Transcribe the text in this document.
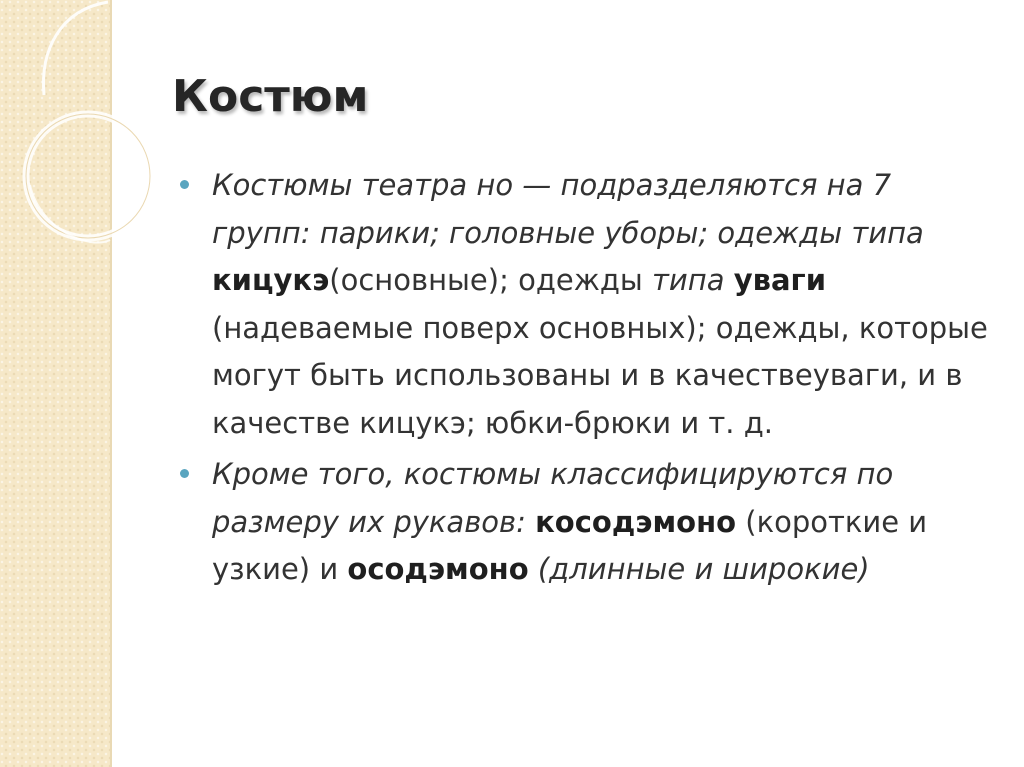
Костюм
Костюмы театра но — подразделяются на 7 групп: парики; головные уборы; одежды типа кицукэ(основные); одежды типа уваги (надеваемые поверх основных); одежды, которые могут быть использованы и в качествеуваги, и в качестве кицукэ; юбки-брюки и т. д.
Кроме того, костюмы классифицируются по размеру их рукавов: косодэмоно (короткие и узкие) и осодэмоно (длинные и широкие)
